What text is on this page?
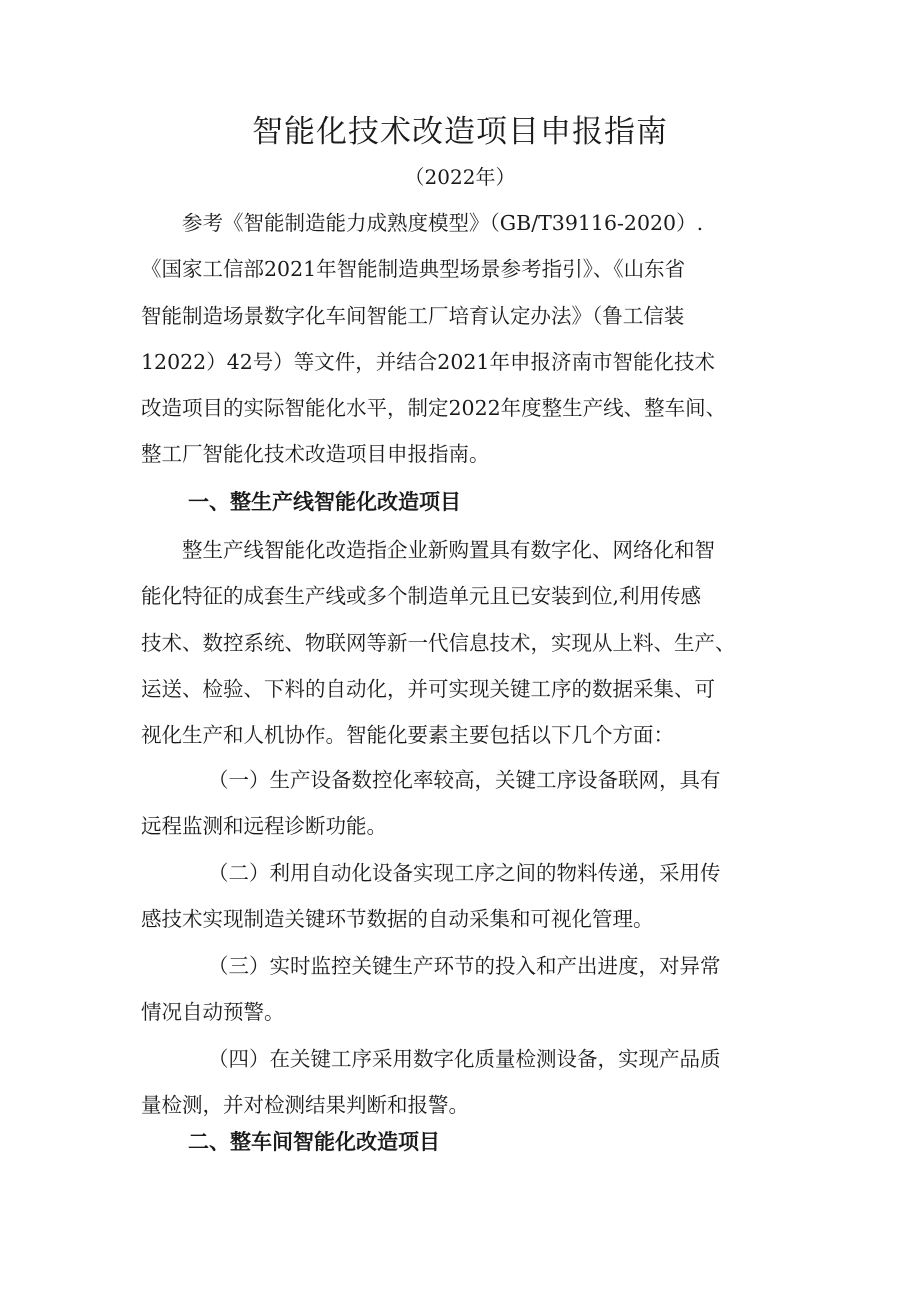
智能化技术改造项目申报指南
（2022年）
参考《智能制造能力成熟度模型》（GB/T39116-2020）.
《国家工信部2021年智能制造典型场景参考指引》、《山东省
智能制造场景数字化车间智能工厂培育认定办法》（鲁工信装
12022）42号）等文件，并结合2021年申报济南市智能化技术
改造项目的实际智能化水平，制定2022年度整生产线、整车间、
整工厂智能化技术改造项目申报指南。
一、整生产线智能化改造项目
整生产线智能化改造指企业新购置具有数字化、网络化和智
能化特征的成套生产线或多个制造单元且已安装到位,利用传感
技术、数控系统、物联网等新一代信息技术，实现从上料、生产、
运送、检验、下料的自动化，并可实现关键工序的数据采集、可
视化生产和人机协作。智能化要素主要包括以下几个方面：
（一）生产设备数控化率较高，关键工序设备联网，具有
远程监测和远程诊断功能。
（二）利用自动化设备实现工序之间的物料传递，采用传
感技术实现制造关键环节数据的自动采集和可视化管理。
（三）实时监控关键生产环节的投入和产出进度，对异常
情况自动预警。
（四）在关键工序采用数字化质量检测设备，实现产品质
量检测，并对检测结果判断和报警。
二、整车间智能化改造项目
